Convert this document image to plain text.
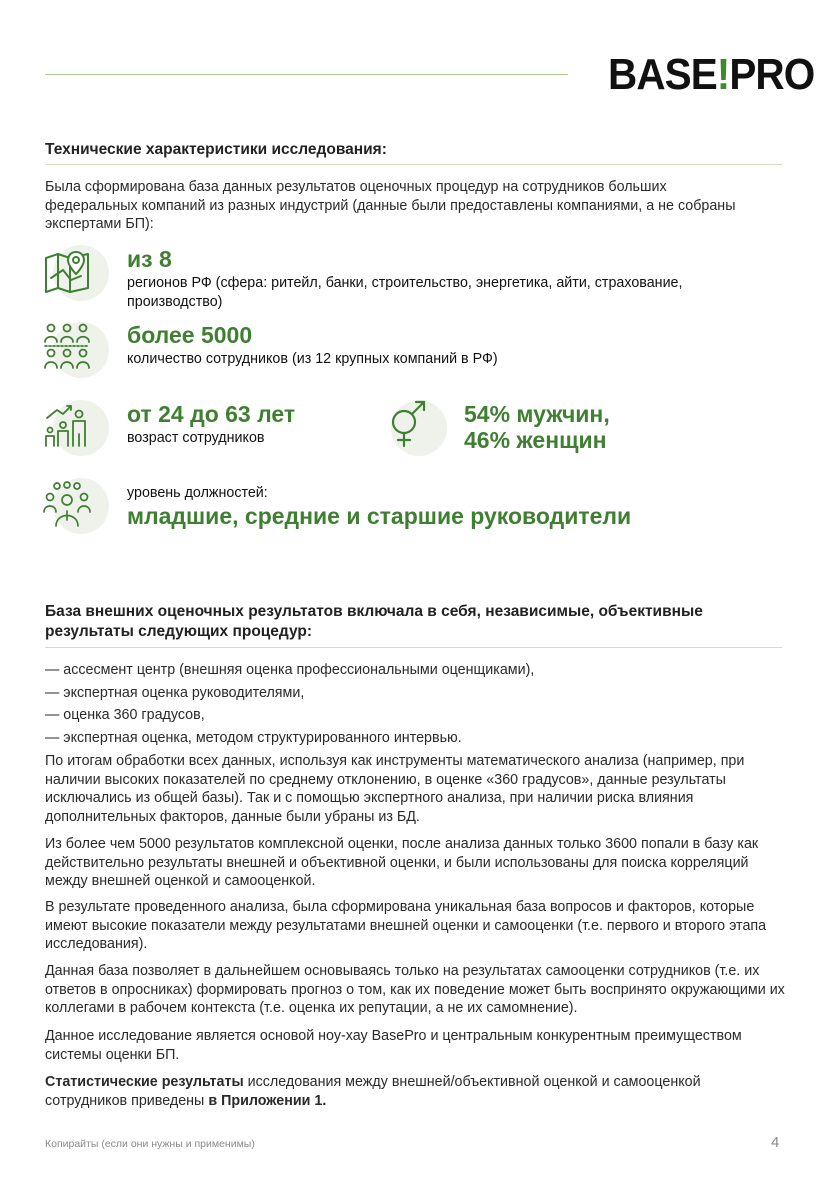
BASE!PRO
Технические характеристики исследования:
Была сформирована база данных результатов оценочных процедур на сотрудников больших федеральных компаний из разных индустрий (данные были предоставлены компаниями, а не собраны экспертами БП):
из 8
регионов РФ (сфера: ритейл, банки, строительство, энергетика, айти, страхование, производство)
более 5000
количество сотрудников (из 12 крупных компаний в РФ)
от 24 до 63 лет
возраст сотрудников
54% мужчин,
46% женщин
уровень должностей:
младшие, средние и старшие руководители
База внешних оценочных результатов включала в себя, независимые, объективные
результаты следующих процедур:
— ассесмент центр (внешняя оценка профессиональными оценщиками),
— экспертная оценка руководителями,
— оценка 360 градусов,
— экспертная оценка, методом структурированного интервью.
По итогам обработки всех данных, используя как инструменты математического анализа (например, при наличии высоких показателей по среднему отклонению, в оценке «360 градусов», данные результаты исключались из общей базы). Так и с помощью экспертного анализа, при наличии риска влияния дополнительных факторов, данные были убраны из БД.
Из более чем 5000 результатов комплексной оценки, после анализа данных только 3600 попали в базу как действительно результаты внешней и объективной оценки, и были использованы для поиска корреляций между внешней оценкой и самооценкой.
В результате проведенного анализа, была сформирована уникальная база вопросов и факторов, которые имеют высокие показатели между результатами внешней оценки и самооценки (т.е. первого и второго этапа исследования).
Данная база позволяет в дальнейшем основываясь только на результатах самооценки сотрудников (т.е. их ответов в опросниках) формировать прогноз о том, как их поведение может быть воспринято окружающими их коллегами в рабочем контекста (т.е. оценка их репутации, а не их самомнение).
Данное исследование является основой ноу-хау BasePro и центральным конкурентным преимуществом системы оценки БП.
Статистические результаты исследования между внешней/объективной оценкой и самооценкой сотрудников приведены в Приложении 1.
Копирайты (если они нужны и применимы)	4
